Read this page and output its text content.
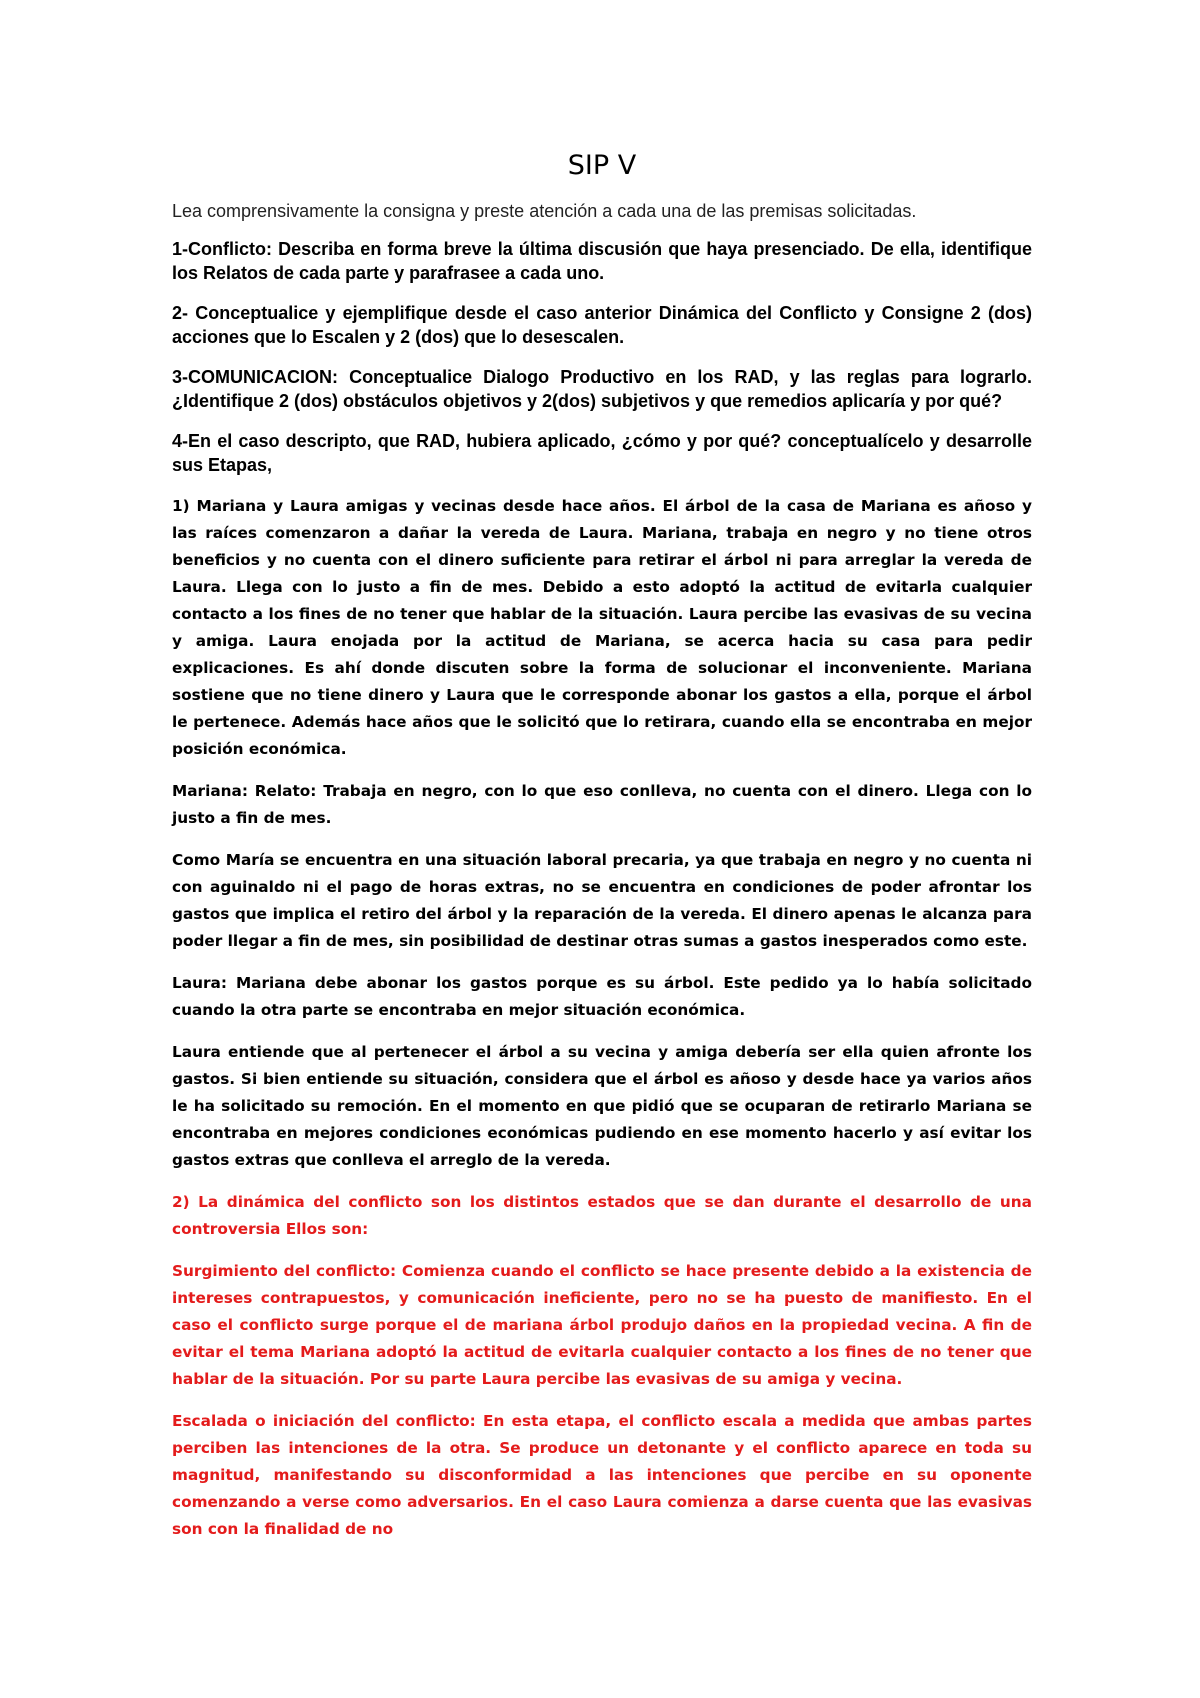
SIP V

Lea comprensivamente la consigna y preste atención a cada una de las premisas solicitadas.

1-Conflicto: Describa en forma breve la última discusión que haya presenciado. De ella, identifique los Relatos de cada parte y parafrasee a cada uno.

2- Conceptualice y ejemplifique desde el caso anterior Dinámica del Conflicto y Consigne 2 (dos) acciones que lo Escalen y 2 (dos) que lo desescalen.

3-COMUNICACION: Conceptualice Dialogo Productivo en los RAD, y las reglas para lograrlo. ¿Identifique 2 (dos) obstáculos objetivos y 2(dos) subjetivos y que remedios aplicaría y por qué?

4-En el caso descripto, que RAD, hubiera aplicado, ¿cómo y por qué? conceptualícelo y desarrolle sus Etapas,

1) Mariana y Laura amigas y vecinas desde hace años. El árbol de la casa de Mariana es añoso y las raíces comenzaron a dañar la vereda de Laura. Mariana, trabaja en negro y no tiene otros beneficios y no cuenta con el dinero suficiente para retirar el árbol ni para arreglar la vereda de Laura. Llega con lo justo a fin de mes. Debido a esto adoptó la actitud de evitarla cualquier contacto a los fines de no tener que hablar de la situación. Laura percibe las evasivas de su vecina y amiga. Laura enojada por la actitud de Mariana, se acerca hacia su casa para pedir explicaciones. Es ahí donde discuten sobre la forma de solucionar el inconveniente. Mariana sostiene que no tiene dinero y Laura que le corresponde abonar los gastos a ella, porque el árbol le pertenece. Además hace años que le solicitó que lo retirara, cuando ella se encontraba en mejor posición económica.

Mariana: Relato: Trabaja en negro, con lo que eso conlleva, no cuenta con el dinero. Llega con lo justo a fin de mes.

Como María se encuentra en una situación laboral precaria, ya que trabaja en negro y no cuenta ni con aguinaldo ni el pago de horas extras, no se encuentra en condiciones de poder afrontar los gastos que implica el retiro del árbol y la reparación de la vereda. El dinero apenas le alcanza para poder llegar a fin de mes, sin posibilidad de destinar otras sumas a gastos inesperados como este.

Laura: Mariana debe abonar los gastos porque es su árbol. Este pedido ya lo había solicitado cuando la otra parte se encontraba en mejor situación económica.

Laura entiende que al pertenecer el árbol a su vecina y amiga debería ser ella quien afronte los gastos. Si bien entiende su situación, considera que el árbol es añoso y desde hace ya varios años le ha solicitado su remoción. En el momento en que pidió que se ocuparan de retirarlo Mariana se encontraba en mejores condiciones económicas pudiendo en ese momento hacerlo y así evitar los gastos extras que conlleva el arreglo de la vereda.

2) La dinámica del conflicto son los distintos estados que se dan durante el desarrollo de una controversia Ellos son:

Surgimiento del conflicto: Comienza cuando el conflicto se hace presente debido a la existencia de intereses contrapuestos, y comunicación ineficiente, pero no se ha puesto de manifiesto. En el caso el conflicto surge porque el de mariana árbol produjo daños en la propiedad vecina. A fin de evitar el tema Mariana adoptó la actitud de evitarla cualquier contacto a los fines de no tener que hablar de la situación. Por su parte Laura percibe las evasivas de su amiga y vecina.

Escalada o iniciación del conflicto: En esta etapa, el conflicto escala a medida que ambas partes perciben las intenciones de la otra. Se produce un detonante y el conflicto aparece en toda su magnitud, manifestando su disconformidad a las intenciones que percibe en su oponente comenzando a verse como adversarios. En el caso Laura comienza a darse cuenta que las evasivas son con la finalidad de no
